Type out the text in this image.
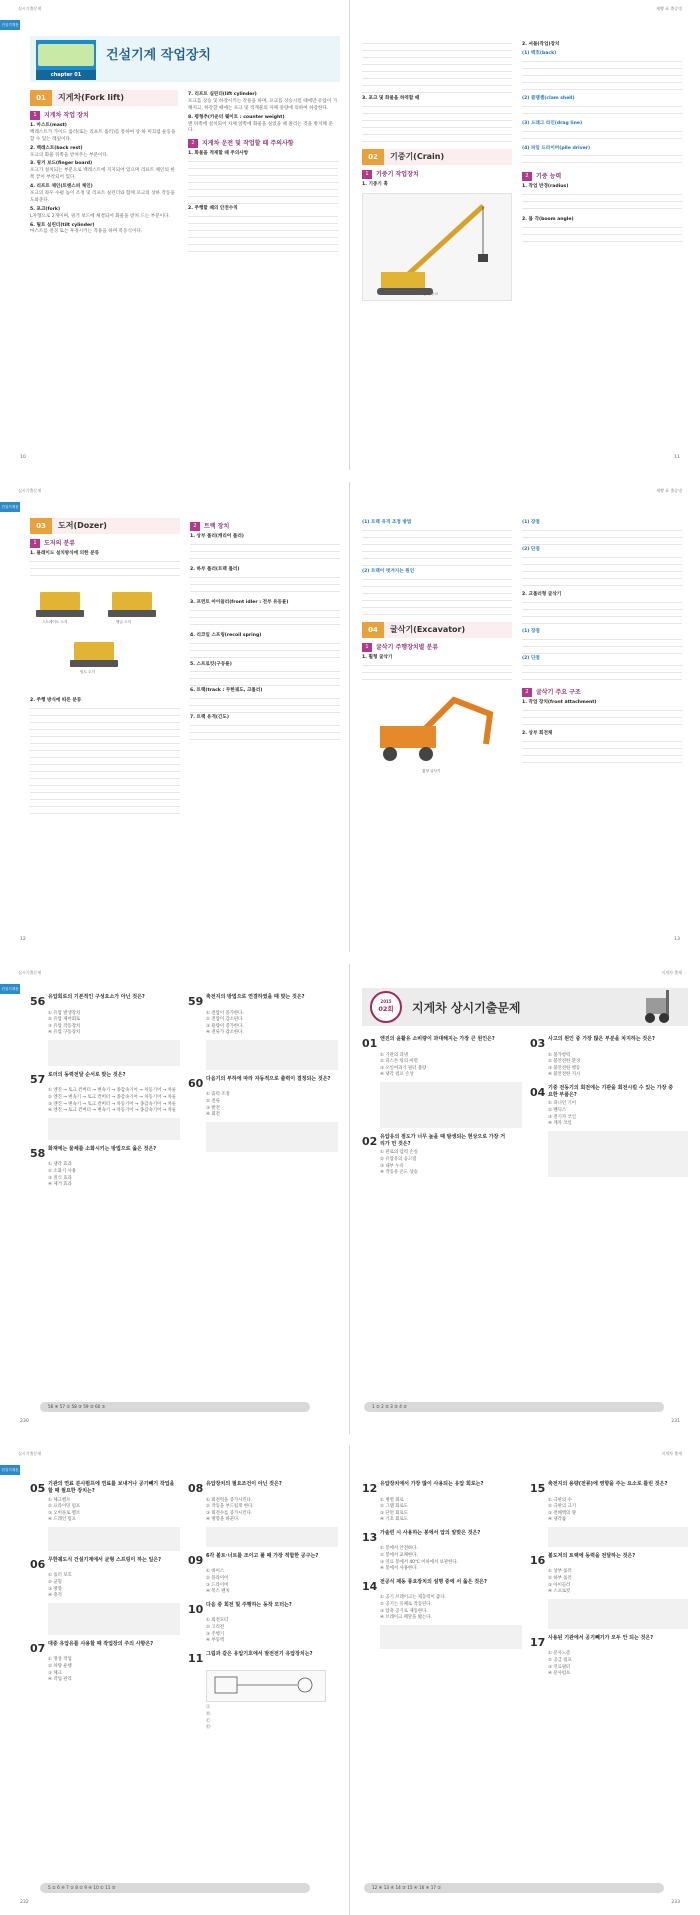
실시기출문제
건설기계운전
chapter 01
건설기계 작업장치
01	지게차(Fork lift)
1	지게차 작업 장치
1. 마스트(mast)
백레스트가 가이드 롤러(또는 리프트 롤러)를 통하여 상·하 미끄럼 운동을 할 수 있는 레일이다.
2. 백레스트(back rest)
포크의 화물 뒤쪽을 받쳐주는 부분이다.
3. 핑거 보드(finger board)
포크가 설치되는 부분으로 백레스트에 지지되어 있으며 리프트 체인의 한쪽 끝이 부착되어 있다.
4. 리프트 체인(트랜스퍼 체인)
포크의 좌우 수평 높이 조정 및 리프트 실린더와 함께 포크의 상하 작동을 도와준다.
5. 포크(fork)
L자형으로 2개이며, 핑거 보드에 체결되어 화물을 받쳐 드는 부분이다.
6. 틸트 실린더(tilt cylinder)
마스트를 전경 또는 후경시키는 작용을 하며 복동식이다.
7. 리프트 실린더(lift cylinder)
포크를 상승 및 하강시키는 작용을 하며, 포크를 상승시킬 때에만 유압이 가해지고, 하강할 때에는 포크 및 적재물의 자체 중량에 의하여 하강한다.
8. 평형추(카운터 웨이트 : counter weight)
맨 뒤쪽에 설치되어 차체 앞쪽에 화물을 실었을 때 쏠리는 것을 방지해 준다.
2	지게차 운전 및 작업할 때 주의사항
1. 화물을 적재할 때 주의사항
2. 주행할 때의 안전수칙
10
제빵 표 출증명
3. 포크 및 화물을 하역할 때
02	기중기(Crain)
1	기중기 작업장치
1. 기중기 훅
붐과 후크
2. 셔블(작업)장치
(1) 백호(back)
(2) 클램셸(clam shell)
(3) 드래그 라인(drag line)
(4) 파일 드라이버(pile driver)
2	기중 능력
1. 작업 반경(radius)
2. 붐 각(boom angle)
11
실시기출문제
건설기계운전
03	도저(Dozer)
1	도저의 분류
1. 블레이드 설치방식에 의한 분류
스트레이트 도저	앵글 도저
틸트 도저
2. 주행 방식에 따른 분류
2	트랙 장치
1. 상부 롤러(캐리어 롤러)
2. 하부 롤러(트랙 롤러)
3. 프런트 아이들러(front idler : 전부 유동륜)
4. 리코일 스프링(recoil spring)
5. 스프로킷(구동륜)
6. 트랙(track : 무한궤도, 크롤러)
7. 트랙 유격(긴도)
12
제빵 표 출증명
(1) 트랙 유격 조정 방법
(2) 트랙이 벗겨지는 원인
04	굴삭기(Excavator)
1	굴삭기 주행장치별 분류
1. 휠형 굴삭기
휠형 굴삭기
(1) 장점
(2) 단점
2. 크롤러형 굴삭기
(1) 장점
(2) 단점
2	굴삭기 주요 구조
1. 작업 장치(front attachment)
2. 상부 회전체
13
실시기출문제
건설기계운전	56 유압회로의 기본적인 구성요소가 아닌 것은?
① 유압 발생장치
② 유압 제어회로
③ 유압 작동장치
④ 유압 구동장치
57 로더의 동력전달 순서로 맞는 것은?
① 엔진 → 토크 컨버터 → 변속기 → 종감속기어 → 차동기어 → 차륜
② 엔진 → 변속기 → 토크 컨버터 → 종감속기어 → 차동기어 → 차륜
③ 엔진 → 변속기 → 토크 컨버터 → 차동기어 → 종감속기어 → 차륜
④ 엔진 → 토크 컨버터 → 변속기 → 차동기어 → 종감속기어 → 차륜
58 화재에는 물체를 소화시키는 방법으로 옳은 것은?
① 냉각 효과
② 소화기 사용
③ 질식 효과
④ 제거 효과
59 축전지의 방법으로 연결하였을 때 맞는 것은?
① 전압이 증가한다.
② 전압이 감소된다.
③ 용량이 증가한다.
④ 전류가 감소한다.
60 다음기의 부하에 따라 자동적으로 출력이 결정되는 것은?
① 출력 조정
② 전류
③ 발전
④ 회전
56 ④ 57 ① 58 ③ 59 ③ 60 ②
230
지게차 출제
2015
02회	지게차 상시기출문제
01 엔진의 윤활유 소비량이 과대해지는 가장 큰 원인은?
① 기관의 과냉
② 피스톤 링의 마멸
③ 오일여과기 필터 불량
④ 냉각 펌프 손상
02 유압유의 점도가 너무 높을 때 발생되는 현상으로 가장 거리가 먼 것은?
① 관로의 압력 손실
② 유압유의 응고점
③ 내부 누유
④ 작동유 온도 상승
03 사고의 원인 중 가장 많은 부분을 차지하는 것은?
① 불가항력
② 불안전한 환경
③ 불안전한 행동
④ 불안전한 지시
04 기중 전동기의 회전에는 기관을 회전시킬 수 있는 가장 중요한 부품은?
① 피니언 기어
② 벤딕스
③ 전기자 코일
④ 계자 코일
1 ② 2 ③ 3 ③ 4 ②
231
실시기출문제
건설기계운전
05 기관의 연료 분사펌프에 연료를 보내거나 공기빼기 작업을 할 때 필요한 장치는?
① 체크밸브
② 프라이밍 펌프
③ 오버플로 밸브
④ 드레인 펌프
06 무한궤도식 건설기계에서 균형 스프링이 하는 일은?
① 롤러 보호
② 균형
③ 방향
④ 충격
07 대중 유압유를 사용할 때 작업장의 주의 사항은?
① 정상 작업
② 차량 운행
③ 체크
④ 작업 관리
08 유압장치의 필요조건이 아닌 것은?
① 회전력을 증가시킨다.
② 작동을 부드럽게 한다.
③ 회전수를 증가시킨다.
④ 방향을 바꾼다.
09 6각 볼트·너트를 조이고 풀 때 가장 적합한 공구는?
① 바이스
② 플라이어
③ 드라이버
④ 복스 렌치
10 다음 중 회전 및 주행하는 동작 모터는?
① 회전모터
② 고리전
③ 주행기
④ 부동액
11 그림과 같은 유압기호에서 발전전기 유압장치는?
Ⓐ
Ⓑ
Ⓒ
Ⓓ
5 ② 6 ④ 7 ② 8 ① 9 ④ 10 ① 11 ③
232
지게차 출제
12 유압장치에서 가장 많이 사용되는 유압 회로는?
① 병렬 회로
② 그램 회로도
③ 단면 회로도
④ 기호 회로도
13 가솔린 시 사용하는 봉에서 압의 알맞은 것은?
① 봉에서 안전하다.
② 봉에서 교체한다.
③ 연료 봉에서 40℃ 이하에서 보관한다.
④ 봉에서 사용한다.
14 전공식 제동 풍요장치의 설명 중에 서 옳은 것은?
① 공기 브레이크는 제동력이 좋다.
② 공기는 유체로 작동된다.
③ 압축 공기로 제동한다.
④ 브레이크 페달을 밟는다.
15 축전지의 용량(전류)에 영향을 주는 요소로 틀린 것은?
① 극판의 수
② 극판의 크기
③ 전해액의 양
④ 냉각률
16 볼도저의 트랙에 동력을 전달하는 것은?
① 상부 롤러
② 하부 롤러
③ 아이들러
④ 스프로킷
17 사용된 기관에서 공기빼기가 모두 안 되는 것은?
① 분사노즐
② 공급 펌프
③ 연료필터
④ 분사펌프
12 ④ 13 ④ 14 ③ 15 ④ 16 ④ 17 ①
233
